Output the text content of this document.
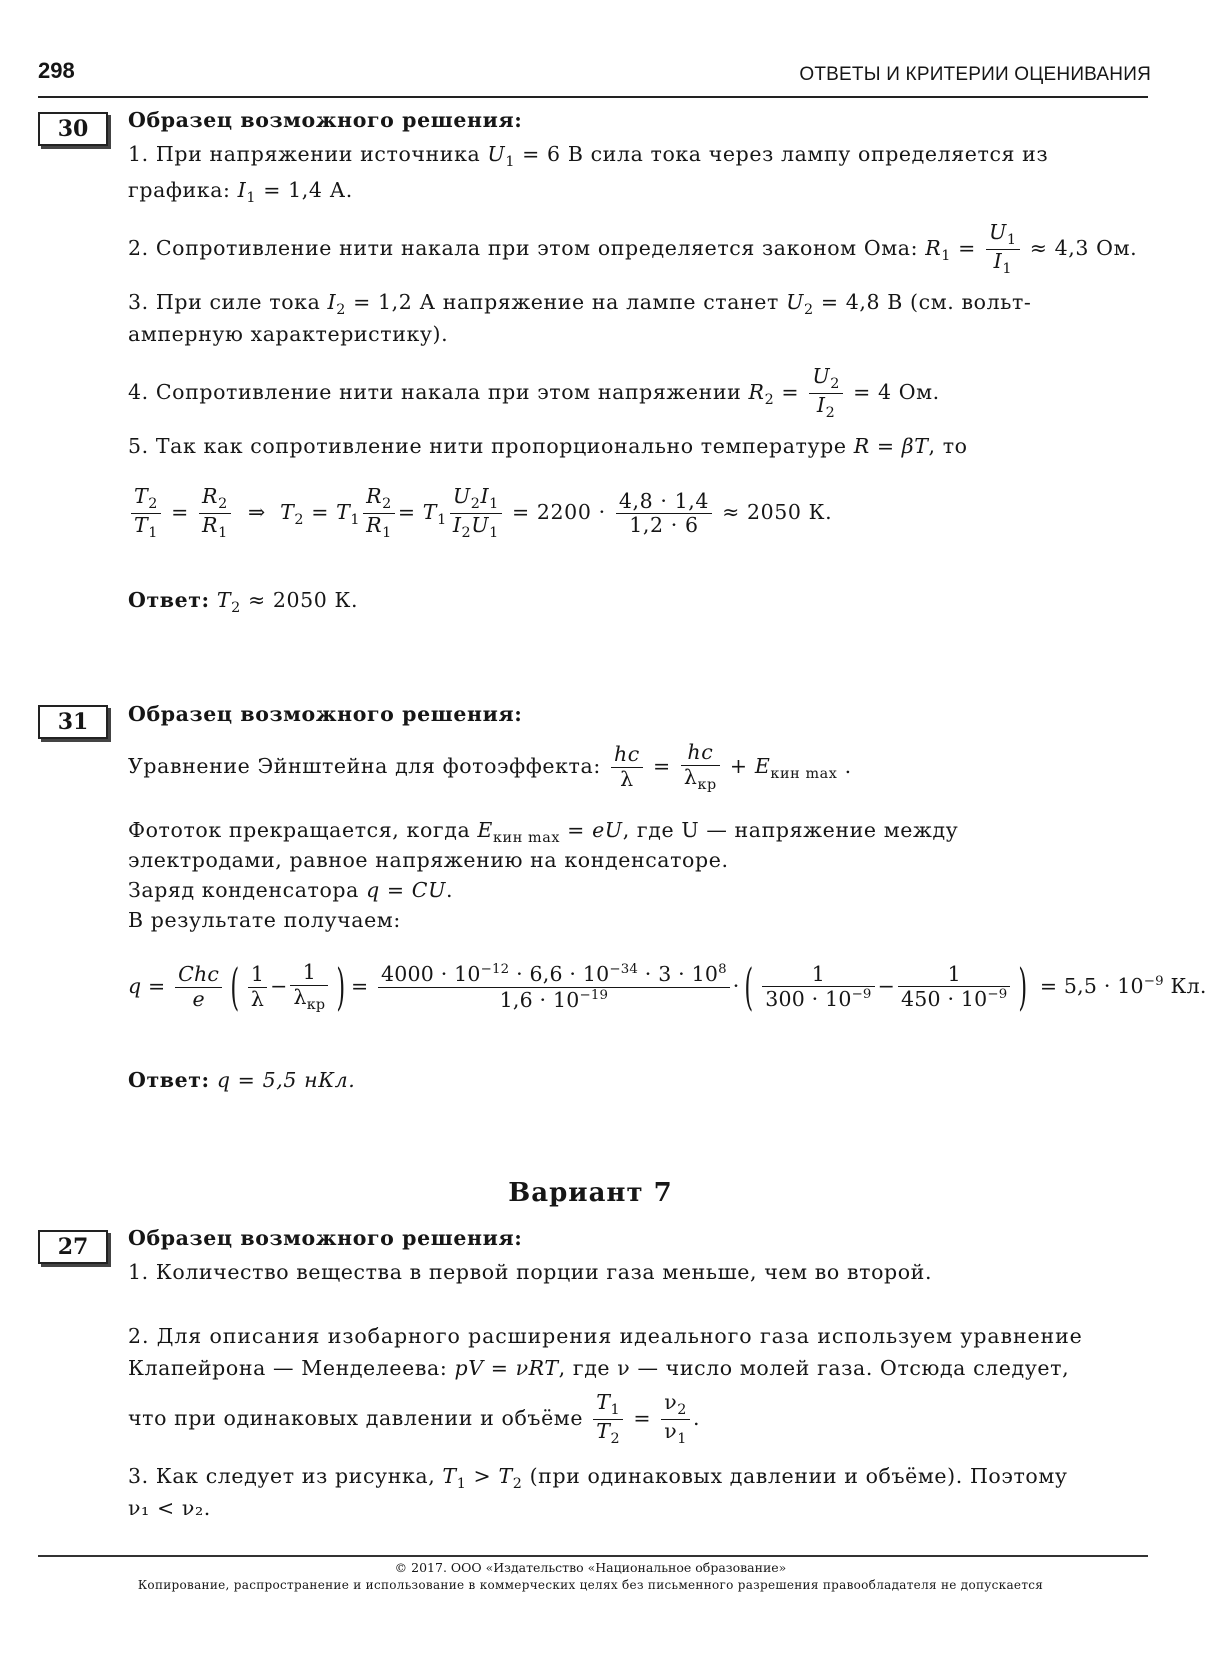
298	ОТВЕТЫ И КРИТЕРИИ ОЦЕНИВАНИЯ
30	Образец возможного решения:
1. При напряжении источника $U_1 = 6$ В сила тока через лампу определяется из
графика: $I_1 = 1,4$ А.
2. Сопротивление нити накала при этом определяется законом Ома: $R_1 = \frac{U_1}{I_1} \approx 4,3$ Ом.
3. При силе тока $I_2 = 1,2$ А напряжение на лампе станет $U_2 = 4,8$ В (см. вольт-
амперную характеристику).
4. Сопротивление нити накала при этом напряжении $R_2 = \frac{U_2}{I_2} = 4$ Ом.
5. Так как сопротивление нити пропорционально температуре R = βT, то
$\frac{T_2}{T_1} = \frac{R_2}{R_1}$ ⇒  $T_2 = T_1 \frac{R_2}{R_1} = T_1 \frac{U_2I_1}{I_2U_1} = 2200 \cdot \frac{4,8 \cdot 1,4}{1,2 \cdot 6} \approx 2050$ К.
Ответ: $T_2 \approx 2050$ К.
31	Образец возможного решения:
Уравнение Эйнштейна для фотоэффекта: $\frac{hc}{\lambda} = \frac{hc}{\lambda_{кр}} + E_{кин max}$ .
Фототок прекращается, когда $E_{кин max}$ = eU, где U — напряжение между
электродами, равное напряжению на конденсаторе.
Заряд конденсатора q = CU.
В результате получаем:
$q = \frac{\text{Chc}}{e}$ ( $\frac{1}{\lambda} - \frac{1}{\lambda_{кр}}$ ) = $\frac{4000 \cdot 10^{-12} \cdot 6,6 \cdot 10^{-34} \cdot 3 \cdot 10^8}{1,6 \cdot 10^{-19}}$ · ( $\frac{1}{300 \cdot 10^{-9}} - \frac{1}{450 \cdot 10^{-9}}$ ) = $5,5 \cdot 10^{-9}$ Кл.
Ответ: q = 5,5 нКл.
Вариант 7
27	Образец возможного решения:
1. Количество вещества в первой порции газа меньше, чем во второй.
2. Для описания изобарного расширения идеального газа используем уравнение
Клапейрона — Менделеева: pV = νRT, где ν — число молей газа. Отсюда следует,
что при одинаковых давлении и объёме $\frac{T_1}{T_2} = \frac{\nu_2}{\nu_1}$ .
3. Как следует из рисунка, $T_1 > T_2$ (при одинаковых давлении и объёме). Поэтому
ν₁ < ν₂.
© 2017. ООО «Издательство «Национальное образование»
Копирование, распространение и использование в коммерческих целях без письменного разрешения правообладателя не допускается
